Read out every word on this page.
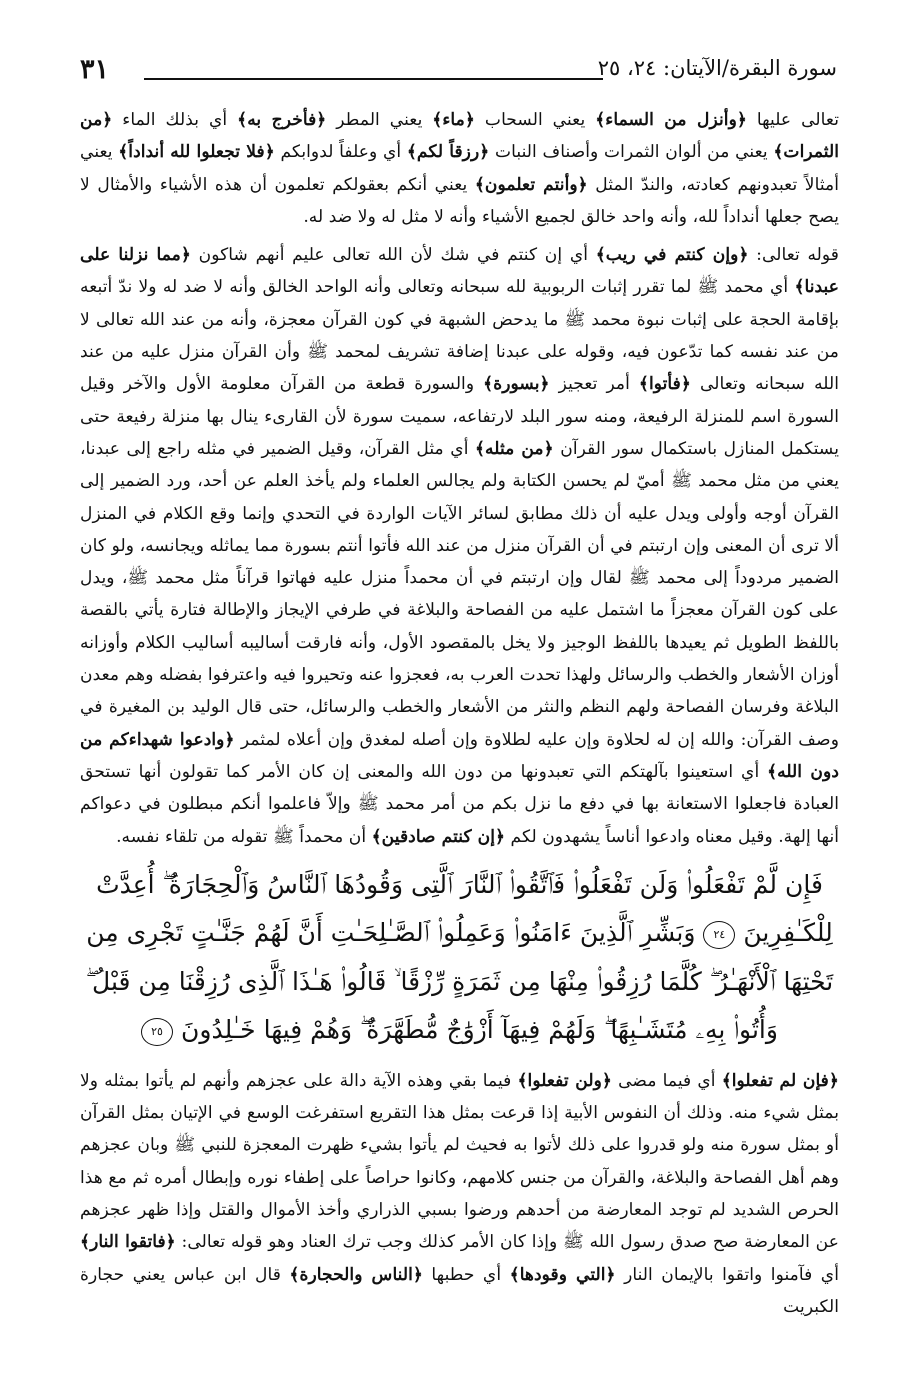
٣١	سورة البقرة/الآيتان: ٢٤، ٢٥

تعالى عليها ﴿وأنزل من السماء﴾ يعني السحاب ﴿ماء﴾ يعني المطر ﴿فأخرج به﴾ أي بذلك الماء ﴿من الثمرات﴾ يعني من ألوان الثمرات وأصناف النبات ﴿رزقاً لكم﴾ أي وعلفاً لدوابكم ﴿فلا تجعلوا لله أنداداً﴾ يعني أمثالاً تعبدونهم كعادته، والندّ المثل ﴿وأنتم تعلمون﴾ يعني أنكم بعقولكم تعلمون أن هذه الأشياء والأمثال لا يصح جعلها أنداداً لله، وأنه واحد خالق لجميع الأشياء وأنه لا مثل له ولا ضد له.

قوله تعالى: ﴿وإن كنتم في ريب﴾ أي إن كنتم في شك لأن الله تعالى عليم أنهم شاكون ﴿مما نزلنا على عبدنا﴾ أي محمد ﷺ لما تقرر إثبات الربوبية لله سبحانه وتعالى وأنه الواحد الخالق وأنه لا ضد له ولا ندّ أتبعه بإقامة الحجة على إثبات نبوة محمد ﷺ ما يدحض الشبهة في كون القرآن معجزة، وأنه من عند الله تعالى لا من عند نفسه كما تدّعون فيه، وقوله على عبدنا إضافة تشريف لمحمد ﷺ وأن القرآن منزل عليه من عند الله سبحانه وتعالى ﴿فأتوا﴾ أمر تعجيز ﴿بسورة﴾ والسورة قطعة من القرآن معلومة الأول والآخر وقيل السورة اسم للمنزلة الرفيعة، ومنه سور البلد لارتفاعه، سميت سورة لأن القارىء ينال بها منزلة رفيعة حتى يستكمل المنازل باستكمال سور القرآن ﴿من مثله﴾ أي مثل القرآن، وقيل الضمير في مثله راجع إلى عبدنا، يعني من مثل محمد ﷺ أميّ لم يحسن الكتابة ولم يجالس العلماء ولم يأخذ العلم عن أحد، ورد الضمير إلى القرآن أوجه وأولى ويدل عليه أن ذلك مطابق لسائر الآيات الواردة في التحدي وإنما وقع الكلام في المنزل ألا ترى أن المعنى وإن ارتبتم في أن القرآن منزل من عند الله فأتوا أنتم بسورة مما يماثله ويجانسه، ولو كان الضمير مردوداً إلى محمد ﷺ لقال وإن ارتبتم في أن محمداً منزل عليه فهاتوا قرآناً مثل محمد ﷺ، ويدل على كون القرآن معجزاً ما اشتمل عليه من الفصاحة والبلاغة في طرفي الإيجاز والإطالة فتارة يأتي بالقصة باللفظ الطويل ثم يعيدها باللفظ الوجيز ولا يخل بالمقصود الأول، وأنه فارقت أساليبه أساليب الكلام وأوزانه أوزان الأشعار والخطب والرسائل ولهذا تحدت العرب به، فعجزوا عنه وتحيروا فيه واعترفوا بفضله وهم معدن البلاغة وفرسان الفصاحة ولهم النظم والنثر من الأشعار والخطب والرسائل، حتى قال الوليد بن المغيرة في وصف القرآن: والله إن له لحلاوة وإن عليه لطلاوة وإن أصله لمغدق وإن أعلاه لمثمر ﴿وادعوا شهداءكم من دون الله﴾ أي استعينوا بآلهتكم التي تعبدونها من دون الله والمعنى إن كان الأمر كما تقولون أنها تستحق العبادة فاجعلوا الاستعانة بها في دفع ما نزل بكم من أمر محمد ﷺ وإلاّ فاعلموا أنكم مبطلون في دعواكم أنها إلهة. وقيل معناه وادعوا أناساً يشهدون لكم ﴿إن كنتم صادقين﴾ أن محمداً ﷺ تقوله من تلقاء نفسه.

فَإِن لَّمْ تَفْعَلُوا۟ وَلَن تَفْعَلُوا۟ فَٱتَّقُوا۟ ٱلنَّارَ ٱلَّتِى وَقُودُهَا ٱلنَّاسُ وَٱلْحِجَارَةُ ۖ أُعِدَّتْ لِلْكَـٰفِرِينَ ٢٤ وَبَشِّرِ ٱلَّذِينَ ءَامَنُوا۟ وَعَمِلُوا۟ ٱلصَّـٰلِحَـٰتِ أَنَّ لَهُمْ جَنَّـٰتٍ تَجْرِى مِن تَحْتِهَا ٱلْأَنْهَـٰرُ ۖ كُلَّمَا رُزِقُوا۟ مِنْهَا مِن ثَمَرَةٍ رِّزْقًا ۙ قَالُوا۟ هَـٰذَا ٱلَّذِى رُزِقْنَا مِن قَبْلُ ۖ وَأُتُوا۟ بِهِۦ مُتَشَـٰبِهًا ۖ وَلَهُمْ فِيهَآ أَزْوَٰجٌ مُّطَهَّرَةٌ ۖ وَهُمْ فِيهَا خَـٰلِدُونَ ٢٥

﴿فإن لم تفعلوا﴾ أي فيما مضى ﴿ولن تفعلوا﴾ فيما بقي وهذه الآية دالة على عجزهم وأنهم لم يأتوا بمثله ولا بمثل شيء منه. وذلك أن النفوس الأبية إذا قرعت بمثل هذا التقريع استفرغت الوسع في الإتيان بمثل القرآن أو بمثل سورة منه ولو قدروا على ذلك لأتوا به فحيث لم يأتوا بشيء ظهرت المعجزة للنبي ﷺ وبان عجزهم وهم أهل الفصاحة والبلاغة، والقرآن من جنس كلامهم، وكانوا حراصاً على إطفاء نوره وإبطال أمره ثم مع هذا الحرص الشديد لم توجد المعارضة من أحدهم ورضوا بسبي الذراري وأخذ الأموال والقتل وإذا ظهر عجزهم عن المعارضة صح صدق رسول الله ﷺ وإذا كان الأمر كذلك وجب ترك العناد وهو قوله تعالى: ﴿فاتقوا النار﴾ أي فآمنوا واتقوا بالإيمان النار ﴿التي وقودها﴾ أي حطبها ﴿الناس والحجارة﴾ قال ابن عباس يعني حجارة الكبريت
